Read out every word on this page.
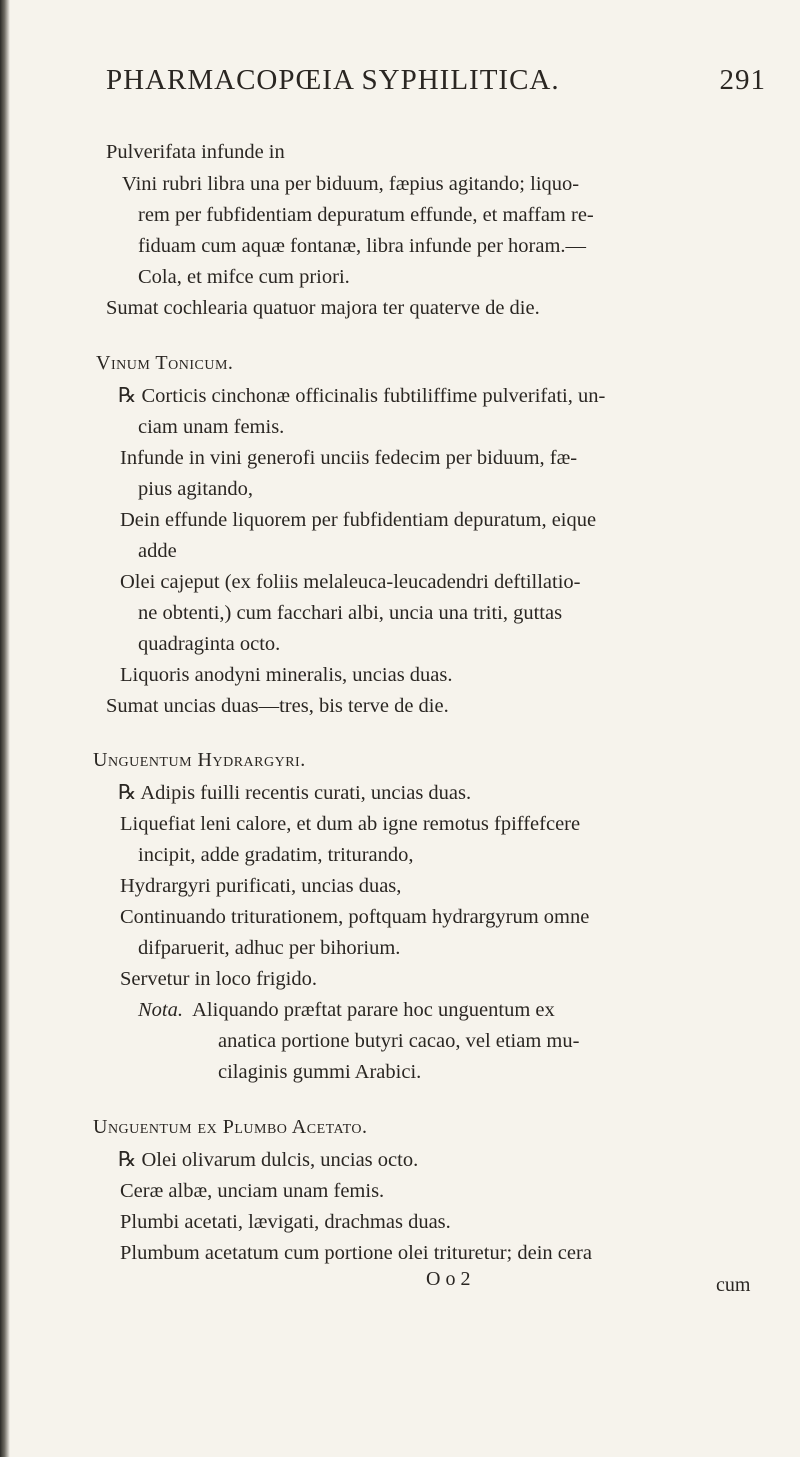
PHARMACOPŒIA SYPHILITICA.	291
Pulverifata infunde in
Vini rubri libra una per biduum, fæpius agitando; liquo-
rem per fubfidentiam depuratum effunde, et maffam re-
fiduam cum aquæ fontanæ, libra infunde per horam.—
Cola, et mifce cum priori.
Sumat cochlearia quatuor majora ter quaterve de die.
Vinum Tonicum.
℞ Corticis cinchonæ officinalis fubtiliffime pulverifati, un-
ciam unam femis.
Infunde in vini generofi unciis fedecim per biduum, fæ-
pius agitando,
Dein effunde liquorem per fubfidentiam depuratum, eique
adde
Olei cajeput (ex foliis melaleuca-leucadendri deftillatio-
ne obtenti,) cum facchari albi, uncia una triti, guttas
quadraginta octo.
Liquoris anodyni mineralis, uncias duas.
Sumat uncias duas—tres, bis terve de die.
Unguentum Hydrargyri.
℞ Adipis fuilli recentis curati, uncias duas.
Liquefiat leni calore, et dum ab igne remotus fpiffefcere
incipit, adde gradatim, triturando,
Hydrargyri purificati, uncias duas,
Continuando triturationem, poftquam hydrargyrum omne
difparuerit, adhuc per bihorium.
Servetur in loco frigido.
Nota. Aliquando præftat parare hoc unguentum ex
anatica portione butyri cacao, vel etiam mu-
cilaginis gummi Arabici.
Unguentum ex Plumbo Acetato.
℞ Olei olivarum dulcis, uncias octo.
Ceræ albæ, unciam unam femis.
Plumbi acetati, lævigati, drachmas duas.
Plumbum acetatum cum portione olei trituretur; dein cera
O o 2	cum
